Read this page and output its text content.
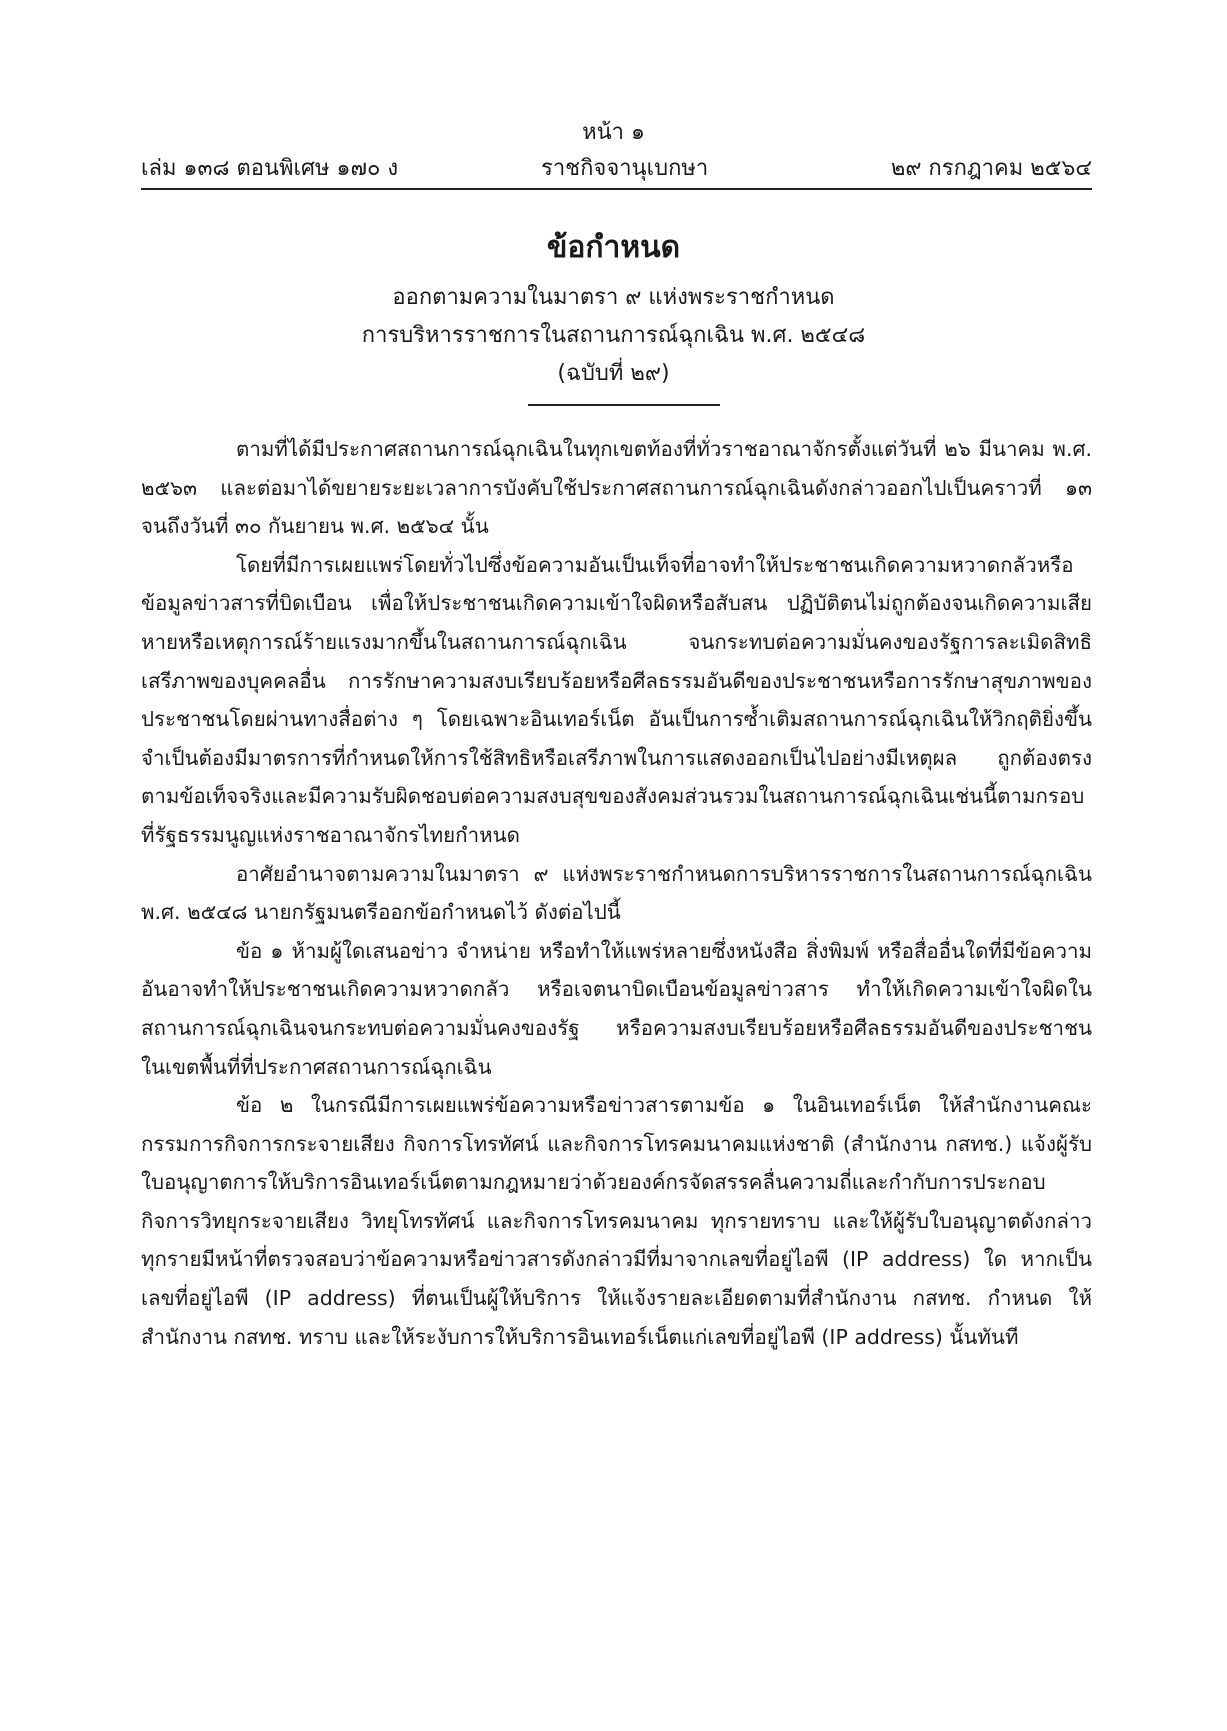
หน้า ๑
เล่ม ๑๓๘ ตอนพิเศษ ๑๗๐ ง	ราชกิจจานุเบกษา	๒๙ กรกฎาคม ๒๕๖๔
ข้อกำหนด
ออกตามความในมาตรา ๙ แห่งพระราชกำหนด
การบริหารราชการในสถานการณ์ฉุกเฉิน พ.ศ. ๒๕๔๘
(ฉบับที่ ๒๙)

ตามที่ได้มีประกาศสถานการณ์ฉุกเฉินในทุกเขตท้องที่ทั่วราชอาณาจักรตั้งแต่วันที่ ๒๖ มีนาคม พ.ศ. ๒๕๖๓ และต่อมาได้ขยายระยะเวลาการบังคับใช้ประกาศสถานการณ์ฉุกเฉินดังกล่าวออกไปเป็นคราวที่ ๑๓ จนถึงวันที่ ๓๐ กันยายน พ.ศ. ๒๕๖๔ นั้น

โดยที่มีการเผยแพร่โดยทั่วไปซึ่งข้อความอันเป็นเท็จที่อาจทำให้ประชาชนเกิดความหวาดกลัวหรือข้อมูลข่าวสารที่บิดเบือน เพื่อให้ประชาชนเกิดความเข้าใจผิดหรือสับสน ปฏิบัติตนไม่ถูกต้องจนเกิดความเสียหายหรือเหตุการณ์ร้ายแรงมากขึ้นในสถานการณ์ฉุกเฉิน จนกระทบต่อความมั่นคงของรัฐการละเมิดสิทธิเสรีภาพของบุคคลอื่น การรักษาความสงบเรียบร้อยหรือศีลธรรมอันดีของประชาชนหรือการรักษาสุขภาพของประชาชนโดยผ่านทางสื่อต่าง ๆ โดยเฉพาะอินเทอร์เน็ต อันเป็นการซ้ำเติมสถานการณ์ฉุกเฉินให้วิกฤติยิ่งขึ้น จำเป็นต้องมีมาตรการที่กำหนดให้การใช้สิทธิหรือเสรีภาพในการแสดงออกเป็นไปอย่างมีเหตุผล ถูกต้องตรงตามข้อเท็จจริงและมีความรับผิดชอบต่อความสงบสุขของสังคมส่วนรวมในสถานการณ์ฉุกเฉินเช่นนี้ตามกรอบที่รัฐธรรมนูญแห่งราชอาณาจักรไทยกำหนด

อาศัยอำนาจตามความในมาตรา ๙ แห่งพระราชกำหนดการบริหารราชการในสถานการณ์ฉุกเฉิน พ.ศ. ๒๕๔๘ นายกรัฐมนตรีออกข้อกำหนดไว้ ดังต่อไปนี้

ข้อ ๑ ห้ามผู้ใดเสนอข่าว จำหน่าย หรือทำให้แพร่หลายซึ่งหนังสือ สิ่งพิมพ์ หรือสื่ออื่นใดที่มีข้อความอันอาจทำให้ประชาชนเกิดความหวาดกลัว หรือเจตนาบิดเบือนข้อมูลข่าวสาร ทำให้เกิดความเข้าใจผิดในสถานการณ์ฉุกเฉินจนกระทบต่อความมั่นคงของรัฐ หรือความสงบเรียบร้อยหรือศีลธรรมอันดีของประชาชน ในเขตพื้นที่ที่ประกาศสถานการณ์ฉุกเฉิน

ข้อ ๒ ในกรณีมีการเผยแพร่ข้อความหรือข่าวสารตามข้อ ๑ ในอินเทอร์เน็ต ให้สำนักงานคณะกรรมการกิจการกระจายเสียง กิจการโทรทัศน์ และกิจการโทรคมนาคมแห่งชาติ (สำนักงาน กสทช.) แจ้งผู้รับใบอนุญาตการให้บริการอินเทอร์เน็ตตามกฎหมายว่าด้วยองค์กรจัดสรรคลื่นความถี่และกำกับการประกอบกิจการวิทยุกระจายเสียง วิทยุโทรทัศน์ และกิจการโทรคมนาคม ทุกรายทราบ และให้ผู้รับใบอนุญาตดังกล่าวทุกรายมีหน้าที่ตรวจสอบว่าข้อความหรือข่าวสารดังกล่าวมีที่มาจากเลขที่อยู่ไอพี (IP address) ใด หากเป็นเลขที่อยู่ไอพี (IP address) ที่ตนเป็นผู้ให้บริการ ให้แจ้งรายละเอียดตามที่สำนักงาน กสทช. กำหนด ให้สำนักงาน กสทช. ทราบ และให้ระงับการให้บริการอินเทอร์เน็ตแก่เลขที่อยู่ไอพี (IP address) นั้นทันที
